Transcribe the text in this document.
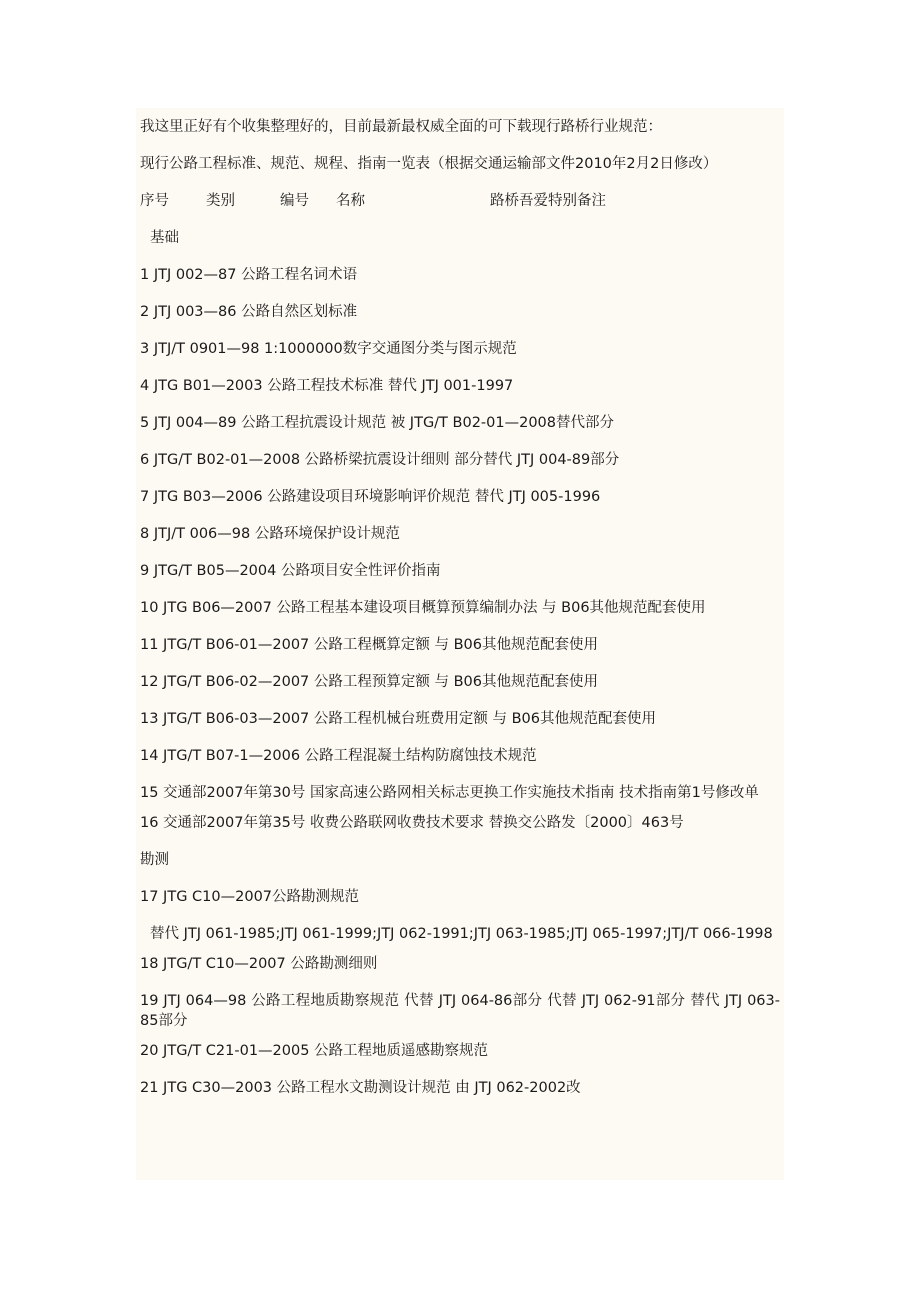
我这里正好有个收集整理好的，目前最新最权威全面的可下载现行路桥行业规范：
现行公路工程标准、规范、规程、指南一览表（根据交通运输部文件2010年2月2日修改）
序号	类别	编号	名称	路桥吾爱特别备注
基础
1 JTJ 002—87 公路工程名词术语
2 JTJ 003—86 公路自然区划标准
3 JTJ/T 0901—98 1:1000000数字交通图分类与图示规范
4 JTG B01—2003 公路工程技术标准 替代 JTJ 001-1997
5 JTJ 004—89 公路工程抗震设计规范 被 JTG/T B02-01—2008替代部分
6 JTG/T B02-01—2008 公路桥梁抗震设计细则 部分替代 JTJ 004-89部分
7 JTG B03—2006 公路建设项目环境影响评价规范 替代 JTJ 005-1996
8 JTJ/T 006—98 公路环境保护设计规范
9 JTG/T B05—2004 公路项目安全性评价指南
10 JTG B06—2007 公路工程基本建设项目概算预算编制办法 与 B06其他规范配套使用
11 JTG/T B06-01—2007 公路工程概算定额 与 B06其他规范配套使用
12 JTG/T B06-02—2007 公路工程预算定额 与 B06其他规范配套使用
13 JTG/T B06-03—2007 公路工程机械台班费用定额 与 B06其他规范配套使用
14 JTG/T B07-1—2006 公路工程混凝土结构防腐蚀技术规范
15 交通部2007年第30号 国家高速公路网相关标志更换工作实施技术指南 技术指南第1号修改单
16 交通部2007年第35号 收费公路联网收费技术要求 替换交公路发〔2000〕463号
勘测
17 JTG C10—2007公路勘测规范
替代 JTJ 061-1985;JTJ 061-1999;JTJ 062-1991;JTJ 063-1985;JTJ 065-1997;JTJ/T 066-1998
18 JTG/T C10—2007 公路勘测细则
19 JTJ 064—98 公路工程地质勘察规范 代替 JTJ 064-86部分 代替 JTJ 062-91部分 替代 JTJ 063-85部分
20 JTG/T C21-01—2005 公路工程地质遥感勘察规范
21 JTG C30—2003 公路工程水文勘测设计规范 由 JTJ 062-2002改
